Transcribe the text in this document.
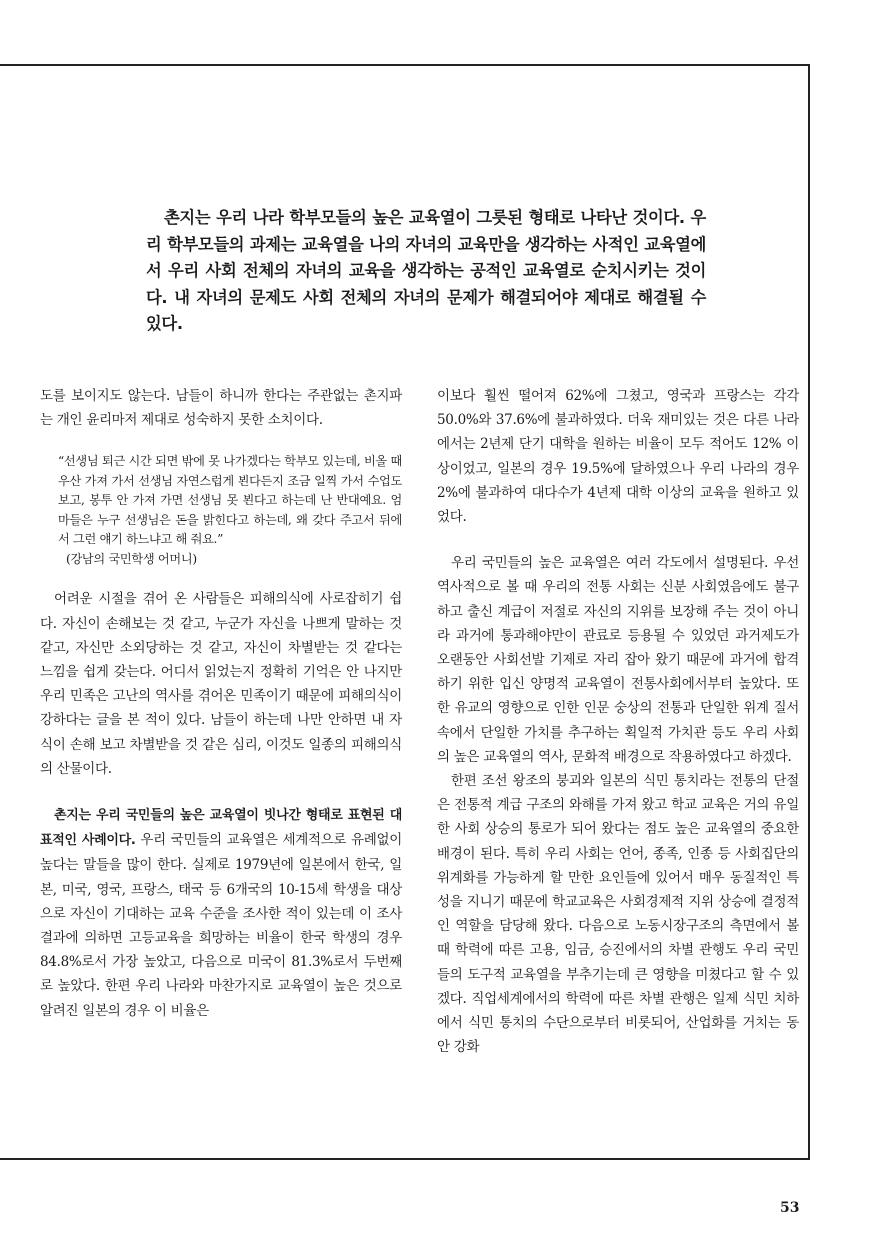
촌지는 우리 나라 학부모들의 높은 교육열이 그릇된 형태로 나타난 것이다. 우리 학부모들의 과제는 교육열을 나의 자녀의 교육만을 생각하는 사적인 교육열에서 우리 사회 전체의 자녀의 교육을 생각하는 공적인 교육열로 순치시키는 것이다. 내 자녀의 문제도 사회 전체의 자녀의 문제가 해결되어야 제대로 해결될 수 있다.

도를 보이지도 않는다. 남들이 하니까 한다는 주관없는 촌지파는 개인 윤리마저 제대로 성숙하지 못한 소치이다.

“선생님 퇴근 시간 되면 밖에 못 나가겠다는 학부모 있는데, 비올 때 우산 가져 가서 선생님 자연스럽게 뵌다든지 조금 일찍 가서 수업도 보고, 봉투 안 가져 가면 선생님 못 뵌다고 하는데 난 반대예요. 엄마들은 누구 선생님은 돈을 밝힌다고 하는데, 왜 갖다 주고서 뒤에서 그런 얘기 하느냐고 해 줘요.”

(강남의 국민학생 어머니)

어려운 시절을 겪어 온 사람들은 피해의식에 사로잡히기 쉽다. 자신이 손해보는 것 같고, 누군가 자신을 나쁘게 말하는 것 같고, 자신만 소외당하는 것 같고, 자신이 차별받는 것 같다는 느낌을 쉽게 갖는다. 어디서 읽었는지 정확히 기억은 안 나지만 우리 민족은 고난의 역사를 겪어온 민족이기 때문에 피해의식이 강하다는 글을 본 적이 있다. 남들이 하는데 나만 안하면 내 자식이 손해 보고 차별받을 것 같은 심리, 이것도 일종의 피해의식의 산물이다.

촌지는 우리 국민들의 높은 교육열이 빗나간 형태로 표현된 대표적인 사례이다. 우리 국민들의 교육열은 세계적으로 유례없이 높다는 말들을 많이 한다. 실제로 1979년에 일본에서 한국, 일본, 미국, 영국, 프랑스, 태국 등 6개국의 10-15세 학생을 대상으로 자신이 기대하는 교육 수준을 조사한 적이 있는데 이 조사 결과에 의하면 고등교육을 희망하는 비율이 한국 학생의 경우 84.8%로서 가장 높았고, 다음으로 미국이 81.3%로서 두번째로 높았다. 한편 우리 나라와 마찬가지로 교육열이 높은 것으로 알려진 일본의 경우 이 비율은

이보다 훨씬 떨어져 62%에 그쳤고, 영국과 프랑스는 각각 50.0%와 37.6%에 불과하였다. 더욱 재미있는 것은 다른 나라에서는 2년제 단기 대학을 원하는 비율이 모두 적어도 12% 이상이었고, 일본의 경우 19.5%에 달하였으나 우리 나라의 경우 2%에 불과하여 대다수가 4년제 대학 이상의 교육을 원하고 있었다.

우리 국민들의 높은 교육열은 여러 각도에서 설명된다. 우선 역사적으로 볼 때 우리의 전통 사회는 신분 사회였음에도 불구하고 출신 계급이 저절로 자신의 지위를 보장해 주는 것이 아니라 과거에 통과해야만이 관료로 등용될 수 있었던 과거제도가 오랜동안 사회선발 기제로 자리 잡아 왔기 때문에 과거에 합격하기 위한 입신 양명적 교육열이 전통사회에서부터 높았다. 또한 유교의 영향으로 인한 인문 숭상의 전통과 단일한 위계 질서 속에서 단일한 가치를 추구하는 획일적 가치관 등도 우리 사회의 높은 교육열의 역사, 문화적 배경으로 작용하였다고 하겠다.

한편 조선 왕조의 붕괴와 일본의 식민 통치라는 전통의 단절은 전통적 계급 구조의 와해를 가져 왔고 학교 교육은 거의 유일한 사회 상승의 통로가 되어 왔다는 점도 높은 교육열의 중요한 배경이 된다. 특히 우리 사회는 언어, 종족, 인종 등 사회집단의 위계화를 가능하게 할 만한 요인들에 있어서 매우 동질적인 특성을 지니기 때문에 학교교육은 사회경제적 지위 상승에 결정적인 역할을 담당해 왔다. 다음으로 노동시장구조의 측면에서 볼 때 학력에 따른 고용, 임금, 승진에서의 차별 관행도 우리 국민들의 도구적 교육열을 부추기는데 큰 영향을 미쳤다고 할 수 있겠다. 직업세계에서의 학력에 따른 차별 관행은 일제 식민 치하에서 식민 통치의 수단으로부터 비롯되어, 산업화를 거치는 동안 강화

53
